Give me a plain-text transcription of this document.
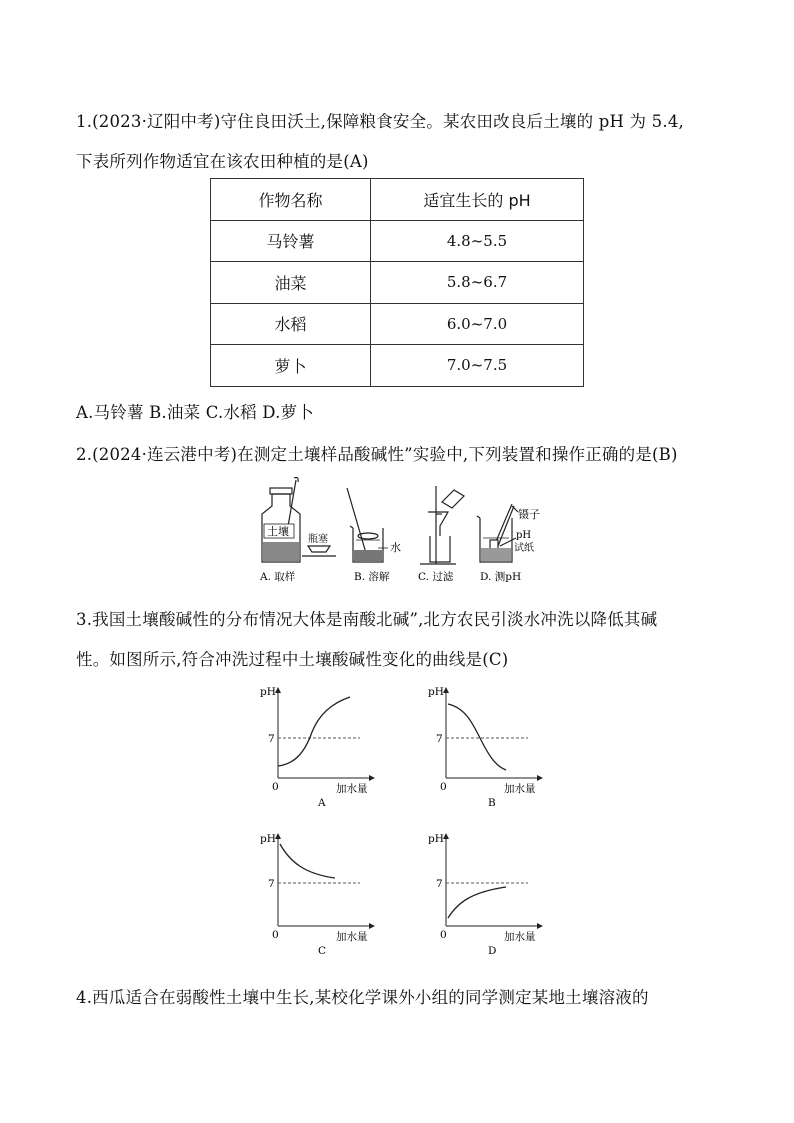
1.(2023·辽阳中考)守住良田沃土,保障粮食安全。某农田改良后土壤的 pH 为 5.4,
下表所列作物适宜在该农田种植的是(A)
作物名称	适宜生长的 pH
马铃薯	4.8~5.5
油菜	5.8~6.7
水稻	6.0~7.0
萝卜	7.0~7.5
A.马铃薯 B.油菜 C.水稻 D.萝卜
2.(2024·连云港中考)在测定土壤样品酸碱性”实验中,下列装置和操作正确的是(B)
土壤
瓶塞
水
镊子
pH
试纸
A. 取样	B. 溶解	C. 过滤	D. 测pH
3.我国土壤酸碱性的分布情况大体是南酸北碱”,北方农民引淡水冲洗以降低其碱
性。如图所示,符合冲洗过程中土壤酸碱性变化的曲线是(C)
pH
7
0	加水量
A
pH
7
0	加水量
B
pH
7
0	加水量
C
pH
7
0	加水量
D
4.西瓜适合在弱酸性土壤中生长,某校化学课外小组的同学测定某地土壤溶液的
